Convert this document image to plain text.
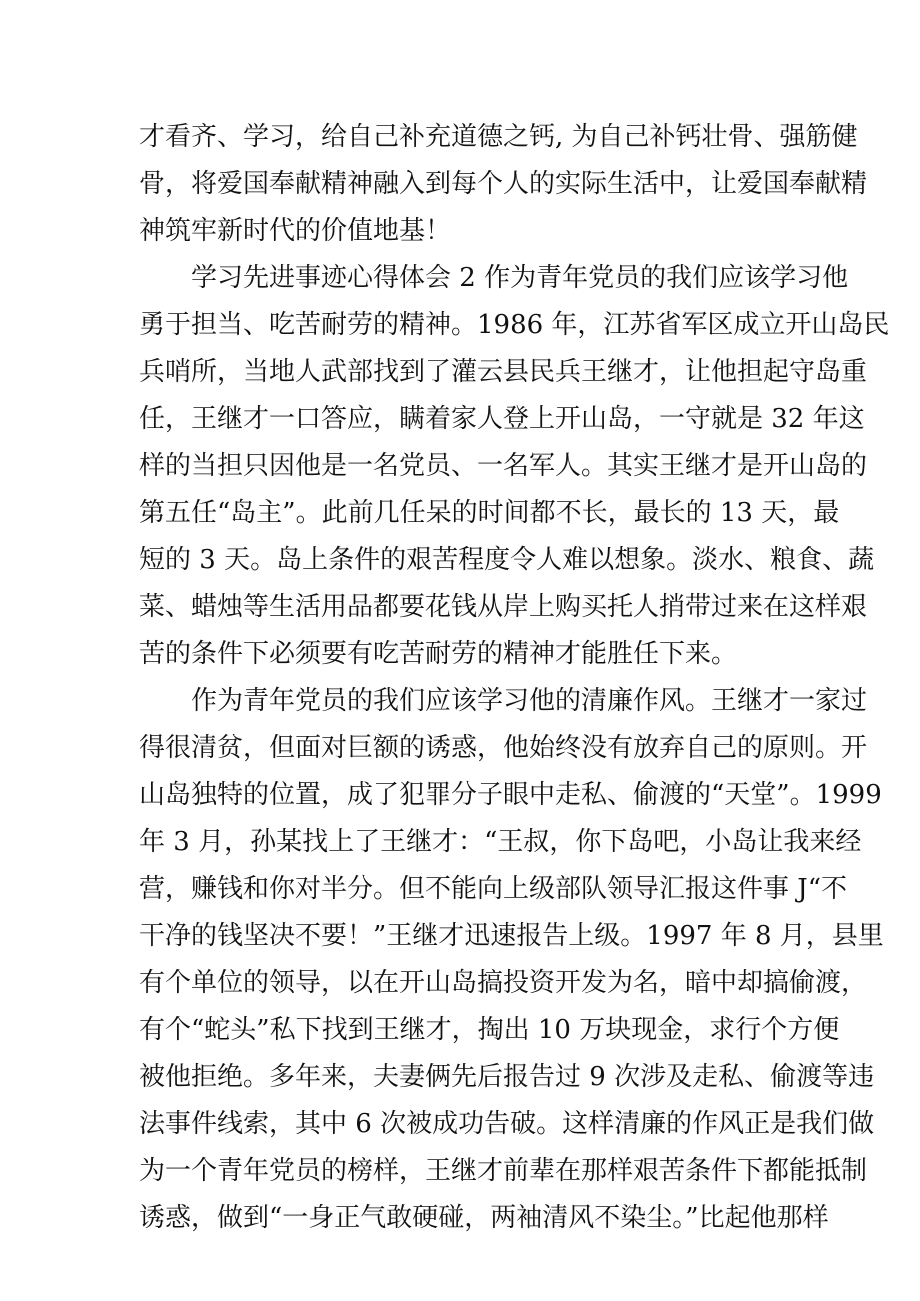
才看齐、学习，给自己补充道德之钙, 为自己补钙壮骨、强筋健
骨，将爱国奉献精神融入到每个人的实际生活中，让爱国奉献精
神筑牢新时代的价值地基！

学习先进事迹心得体会 2 作为青年党员的我们应该学习他
勇于担当、吃苦耐劳的精神。1986 年，江苏省军区成立开山岛民
兵哨所，当地人武部找到了灌云县民兵王继才，让他担起守岛重
任，王继才一口答应，瞒着家人登上开山岛，一守就是 32 年这
样的当担只因他是一名党员、一名军人。其实王继才是开山岛的
第五任“岛主”。此前几任呆的时间都不长，最长的 13 天，最
短的 3 天。岛上条件的艰苦程度令人难以想象。淡水、粮食、蔬
菜、蜡烛等生活用品都要花钱从岸上购买托人捎带过来在这样艰
苦的条件下必须要有吃苦耐劳的精神才能胜任下来。

作为青年党员的我们应该学习他的清廉作风。王继才一家过
得很清贫，但面对巨额的诱惑，他始终没有放弃自己的原则。开
山岛独特的位置，成了犯罪分子眼中走私、偷渡的“天堂”。1999
年 3 月，孙某找上了王继才：“王叔，你下岛吧，小岛让我来经
营，赚钱和你对半分。但不能向上级部队领导汇报这件事 J“不
干净的钱坚决不要！”王继才迅速报告上级。1997 年 8 月，县里
有个单位的领导，以在开山岛搞投资开发为名，暗中却搞偷渡，
有个“蛇头”私下找到王继才，掏出 10 万块现金，求行个方便
被他拒绝。多年来，夫妻俩先后报告过 9 次涉及走私、偷渡等违
法事件线索，其中 6 次被成功告破。这样清廉的作风正是我们做
为一个青年党员的榜样，王继才前辈在那样艰苦条件下都能抵制
诱惑，做到“一身正气敢硬碰，两袖清风不染尘。”比起他那样
